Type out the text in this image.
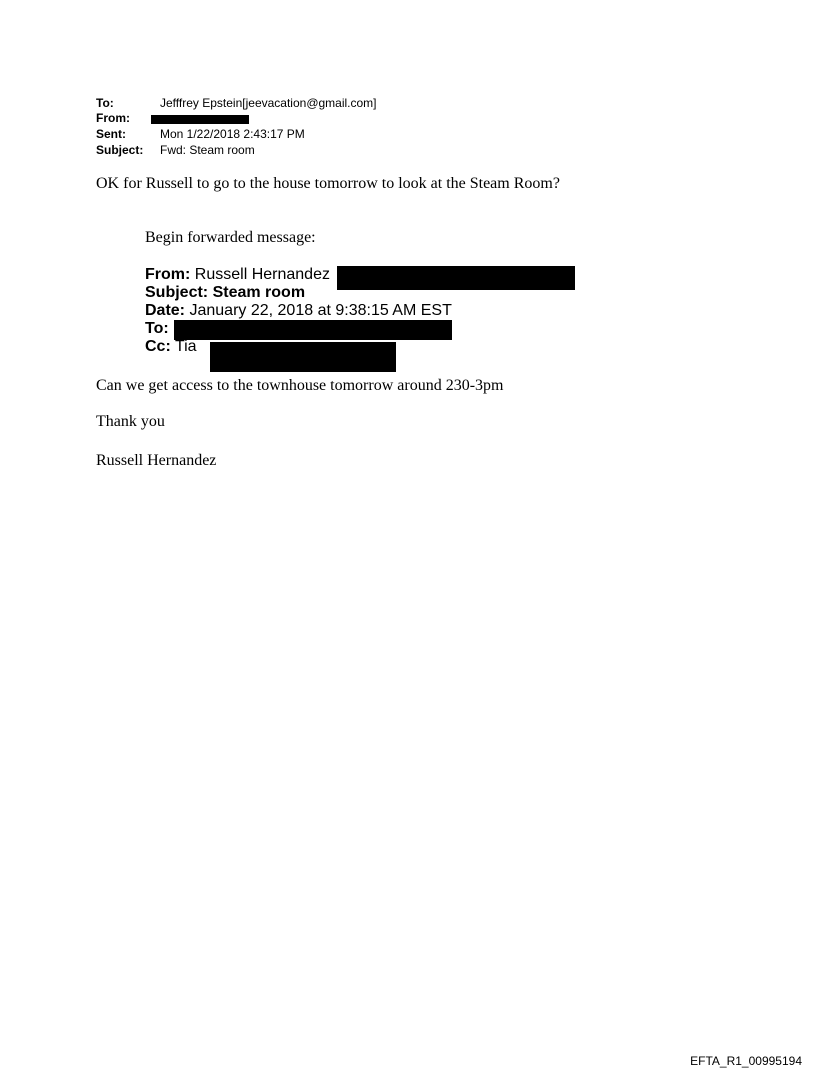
To:	Jefffrey Epstein[jeevacation@gmail.com]
From:
Sent:	Mon 1/22/2018 2:43:17 PM
Subject: Fwd: Steam room
OK for Russell to go to the house tomorrow to look at the Steam Room?
Begin forwarded message:
From: Russell Hernandez
Subject: Steam room
Date: January 22, 2018 at 9:38:15 AM EST
To:
Cc: Tia
Can we get access to the townhouse tomorrow around 230-3pm
Thank you
Russell Hernandez
EFTA_R1_00995194
